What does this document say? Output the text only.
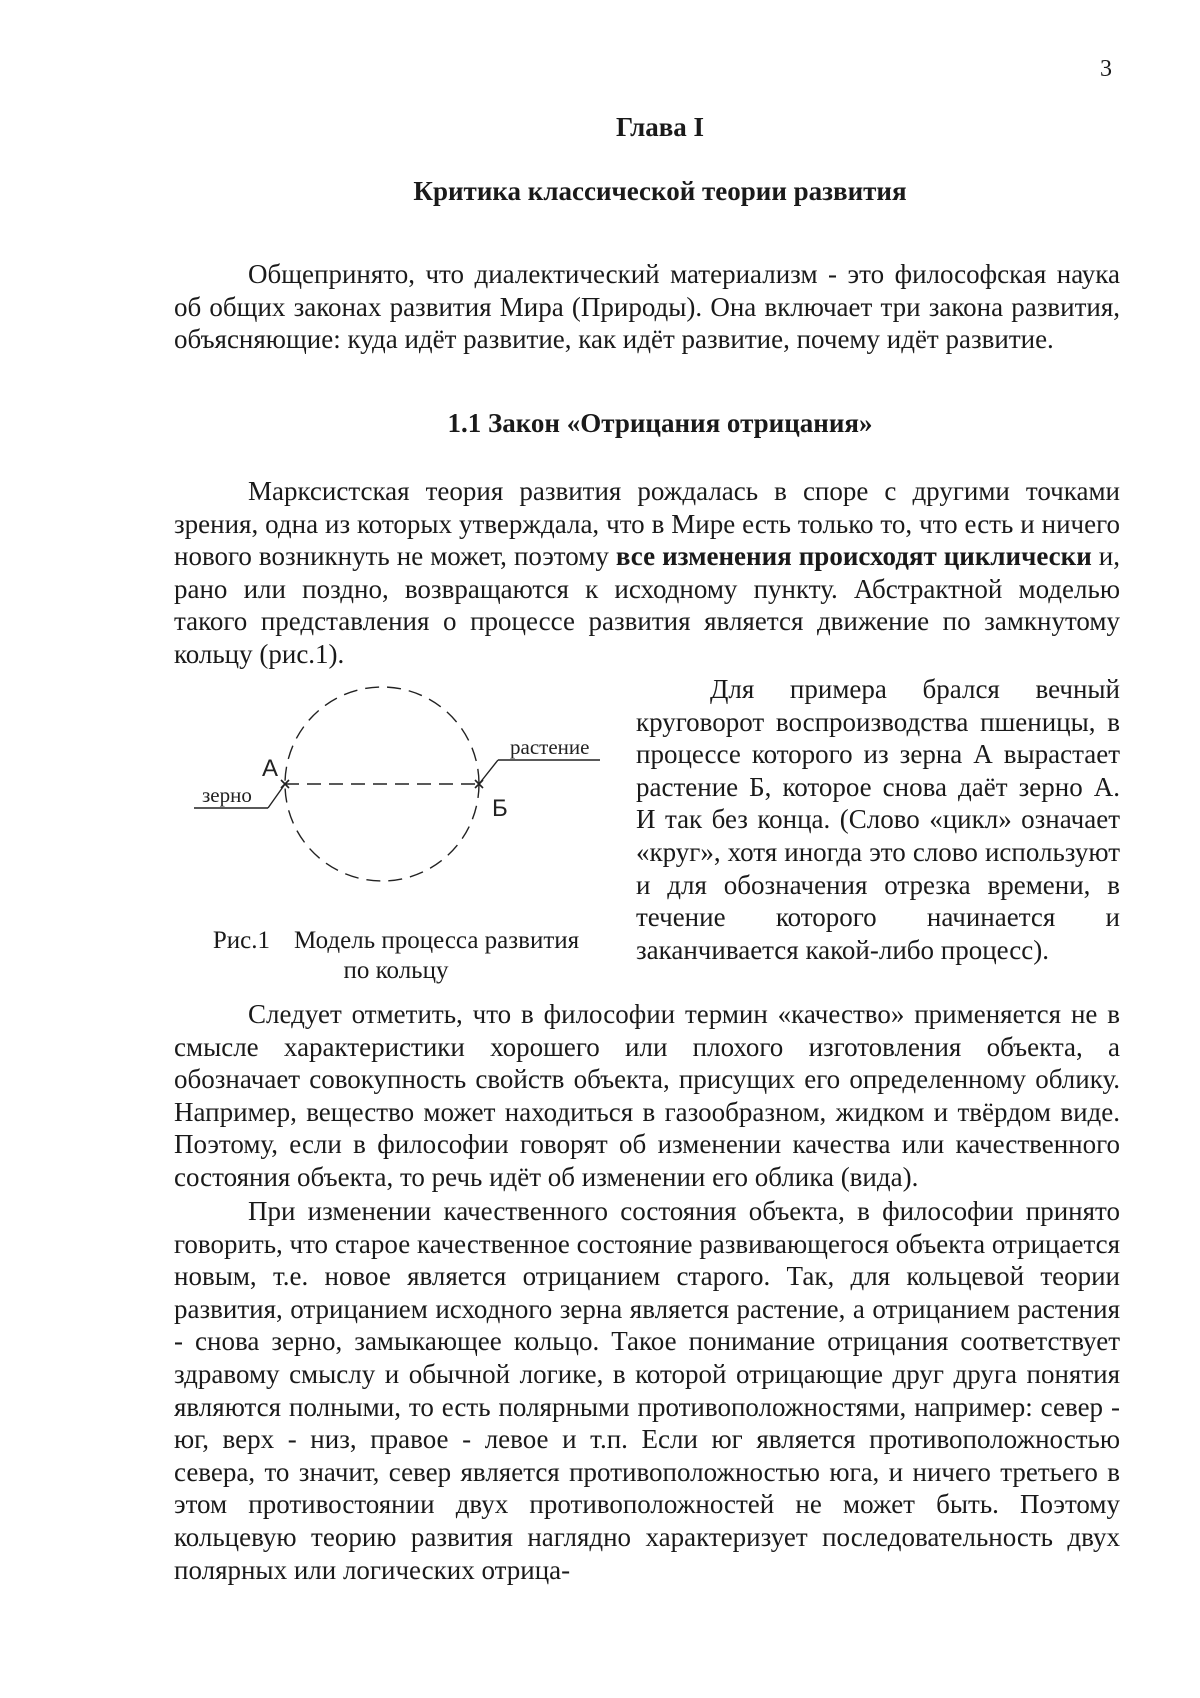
3
Глава I
Критика классической теории развития

Общепринято, что диалектический материализм - это философская наука об общих законах развития Мира (Природы). Она включает три закона развития, объясняющие: куда идёт развитие, как идёт развитие, почему идёт развитие.

1.1 Закон «Отрицания отрицания»

Марксистская теория развития рождалась в споре с другими точками зрения, одна из которых утверждала, что в Мире есть только то, что есть и ничего нового возникнуть не может, поэтому все изменения происходят циклически и, рано или поздно, возвращаются к исходному пункту. Абстрактной моделью такого представления о процессе развития является движение по замкнутому кольцу (рис.1).

А
Б
зерно
растение
Рис.1 Модель процесса развития
по кольцу

Для примера брался вечный круговорот воспроизводства пшеницы, в процессе которого из зерна А вырастает растение Б, которое снова даёт зерно А. И так без конца. (Слово «цикл» означает «круг», хотя иногда это слово используют и для обозначения отрезка времени, в течение которого начинается и заканчивается какой-либо процесс).

Следует отметить, что в философии термин «качество» применяется не в смысле характеристики хорошего или плохого изготовления объекта, а обозначает совокупность свойств объекта, присущих его определенному облику. Например, вещество может находиться в газообразном, жидком и твёрдом виде. Поэтому, если в философии говорят об изменении качества или качественного состояния объекта, то речь идёт об изменении его облика (вида).

При изменении качественного состояния объекта, в философии принято говорить, что старое качественное состояние развивающегося объекта отрицается новым, т.е. новое является отрицанием старого. Так, для кольцевой теории развития, отрицанием исходного зерна является растение, а отрицанием растения - снова зерно, замыкающее кольцо. Такое понимание отрицания соответствует здравому смыслу и обычной логике, в которой отрицающие друг друга понятия являются полными, то есть полярными противоположностями, например: север - юг, верх - низ, правое - левое и т.п. Если юг является противоположностью севера, то значит, север является противоположностью юга, и ничего третьего в этом противостоянии двух противоположностей не может быть. Поэтому кольцевую теорию развития наглядно характеризует последовательность двух полярных или логических отрица-
